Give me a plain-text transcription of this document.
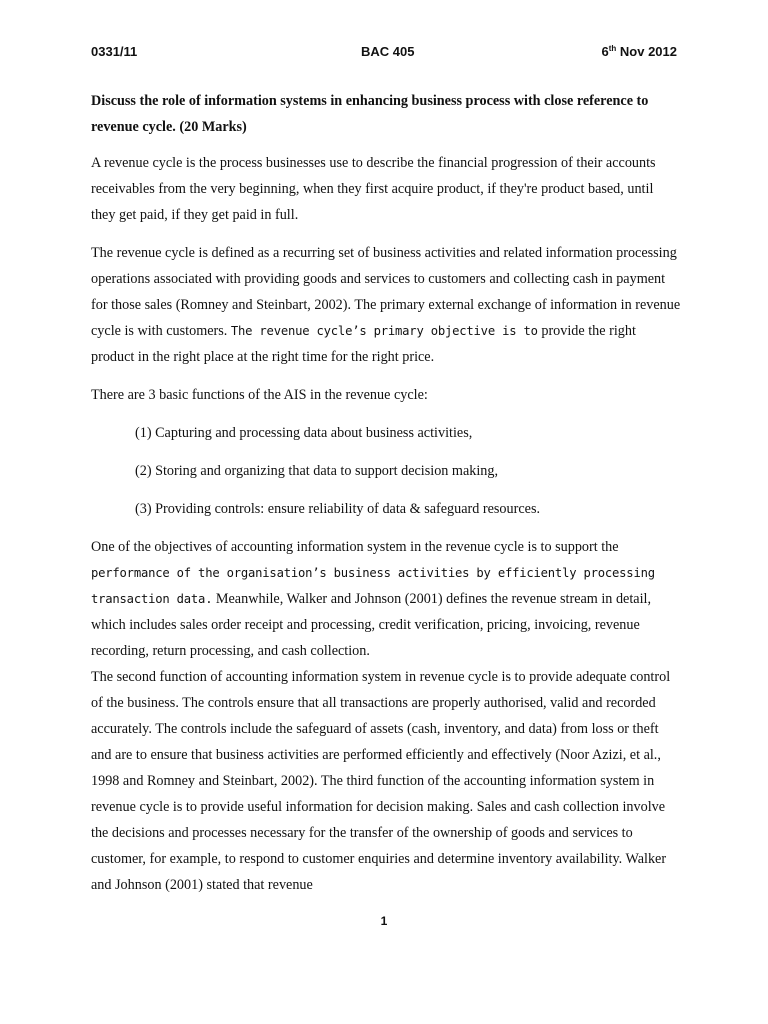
0331/11	BAC 405	6th Nov 2012

Discuss the role of information systems in enhancing business process with close reference to revenue cycle. (20 Marks)

A revenue cycle is the process businesses use to describe the financial progression of their accounts receivables from the very beginning, when they first acquire product, if they're product based, until they get paid, if they get paid in full.

The revenue cycle is defined as a recurring set of business activities and related information processing operations associated with providing goods and services to customers and collecting cash in payment for those sales (Romney and Steinbart, 2002). The primary external exchange of information in revenue cycle is with customers. The revenue cycle’s primary objective is to provide the right product in the right place at the right time for the right price.

There are 3 basic functions of the AIS in the revenue cycle:

(1) Capturing and processing data about business activities,

(2) Storing and organizing that data to support decision making,

(3) Providing controls: ensure reliability of data & safeguard resources.

One of the objectives of accounting information system in the revenue cycle is to support the performance of the organisation’s business activities by efficiently processing transaction data. Meanwhile, Walker and Johnson (2001) defines the revenue stream in detail, which includes sales order receipt and processing, credit verification, pricing, invoicing, revenue recording, return processing, and cash collection.

The second function of accounting information system in revenue cycle is to provide adequate control of the business. The controls ensure that all transactions are properly authorised, valid and recorded accurately. The controls include the safeguard of assets (cash, inventory, and data) from loss or theft and are to ensure that business activities are performed efficiently and effectively (Noor Azizi, et al., 1998 and Romney and Steinbart, 2002). The third function of the accounting information system in revenue cycle is to provide useful information for decision making. Sales and cash collection involve the decisions and processes necessary for the transfer of the ownership of goods and services to customer, for example, to respond to customer enquiries and determine inventory availability. Walker and Johnson (2001) stated that revenue

1
